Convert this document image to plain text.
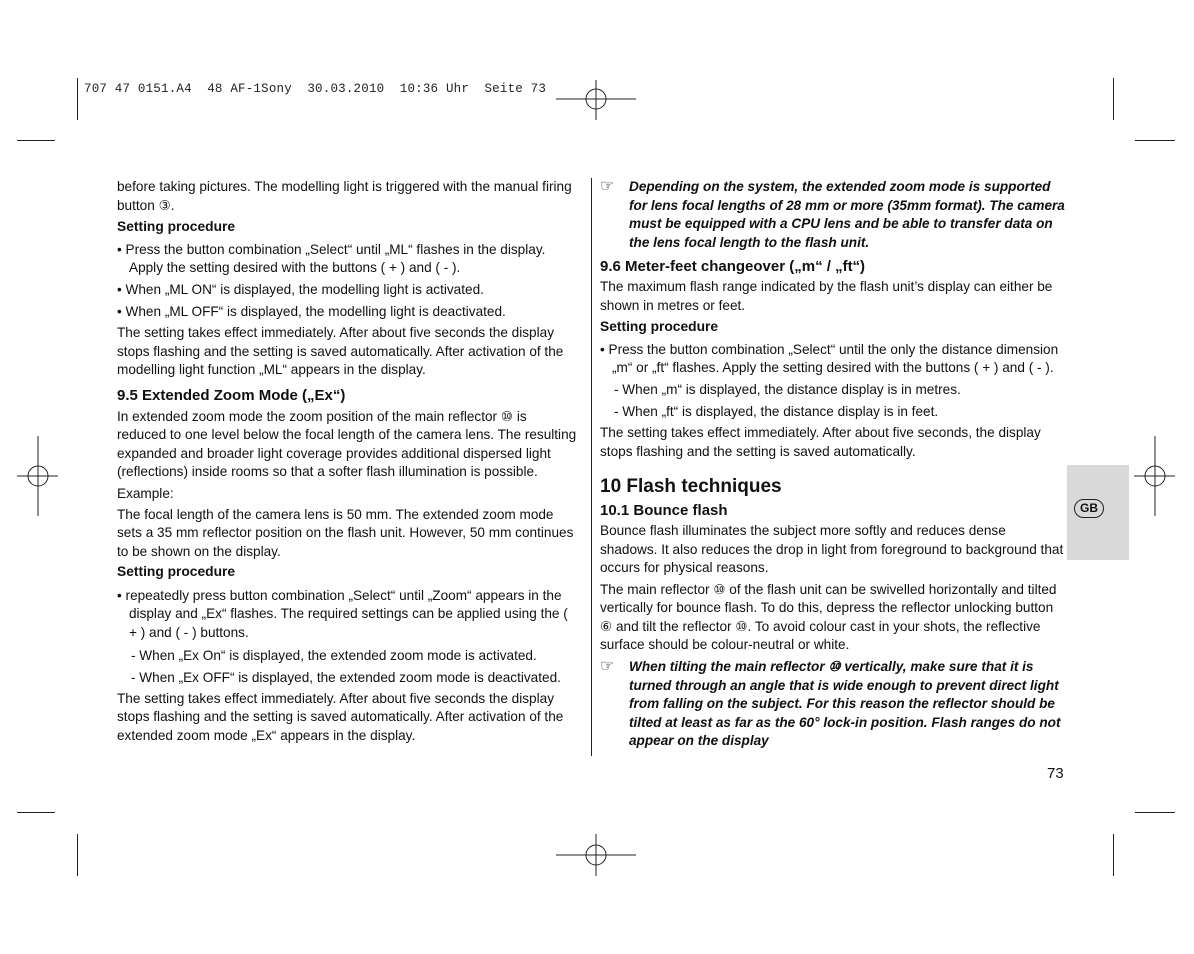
707 47 0151.A4  48 AF-1Sony  30.03.2010  10:36 Uhr  Seite 73

before taking pictures. The modelling light is triggered with the manual firing button ③.

Setting procedure

• Press the button combination „Select“ until „ML“ flashes in the display. Apply the setting desired with the buttons ( + ) and ( - ).

• When „ML ON“ is displayed, the modelling light is activated.

• When „ML OFF“ is displayed, the modelling light is deactivated.

The setting takes effect immediately. After about five seconds the display stops flashing and the setting is saved automatically. After activation of the modelling light function „ML“ appears in the display.

9.5 Extended Zoom Mode („Ex“)

In extended zoom mode the zoom position of the main reflector ⑩ is reduced to one level below the focal length of the camera lens. The resulting expanded and broader light coverage provides additional dispersed light (reflections) inside rooms so that a softer flash illumination is possible.

Example:

The focal length of the camera lens is 50 mm. The extended zoom mode sets a 35 mm reflector position on the flash unit. However, 50 mm continues to be shown on the display.

Setting procedure

• repeatedly press button combination „Select“ until „Zoom“ appears in the display and „Ex“ flashes. The required settings can be applied using the ( + ) and ( - ) buttons.

- When „Ex On“ is displayed, the extended zoom mode is activated.

- When „Ex OFF“ is displayed, the extended zoom mode is deactivated.

The setting takes effect immediately. After about five seconds the display stops flashing and the setting is saved automatically. After activation of the extended zoom mode „Ex“ appears in the display.

☞ Depending on the system, the extended zoom mode is supported for lens focal lengths of 28 mm or more (35mm format). The camera must be equipped with a CPU lens and be able to transfer data on the lens focal length to the flash unit.

9.6 Meter-feet changeover („m“ / „ft“)

The maximum flash range indicated by the flash unit’s display can either be shown in metres or feet.

Setting procedure

• Press the button combination „Select“ until the only the distance dimension „m“ or „ft“ flashes. Apply the setting desired with the buttons ( + ) and ( - ).

- When „m“ is displayed, the distance display is in metres.

- When „ft“ is displayed, the distance display is in feet.

The setting takes effect immediately. After about five seconds, the display stops flashing and the setting is saved automatically.

10 Flash techniques

10.1 Bounce flash

Bounce flash illuminates the subject more softly and reduces dense shadows. It also reduces the drop in light from foreground to background that occurs for physical reasons.

The main reflector ⑩ of the flash unit can be swivelled horizontally and tilted vertically for bounce flash. To do this, depress the reflector unlocking button ⑥ and tilt the reflector ⑩. To avoid colour cast in your shots, the reflective surface should be colour-neutral or white.

☞ When tilting the main reflector ⑩ vertically, make sure that it is turned through an angle that is wide enough to prevent direct light from falling on the subject. For this reason the reflector should be tilted at least as far as the 60° lock-in position. Flash ranges do not appear on the display

GB
73
